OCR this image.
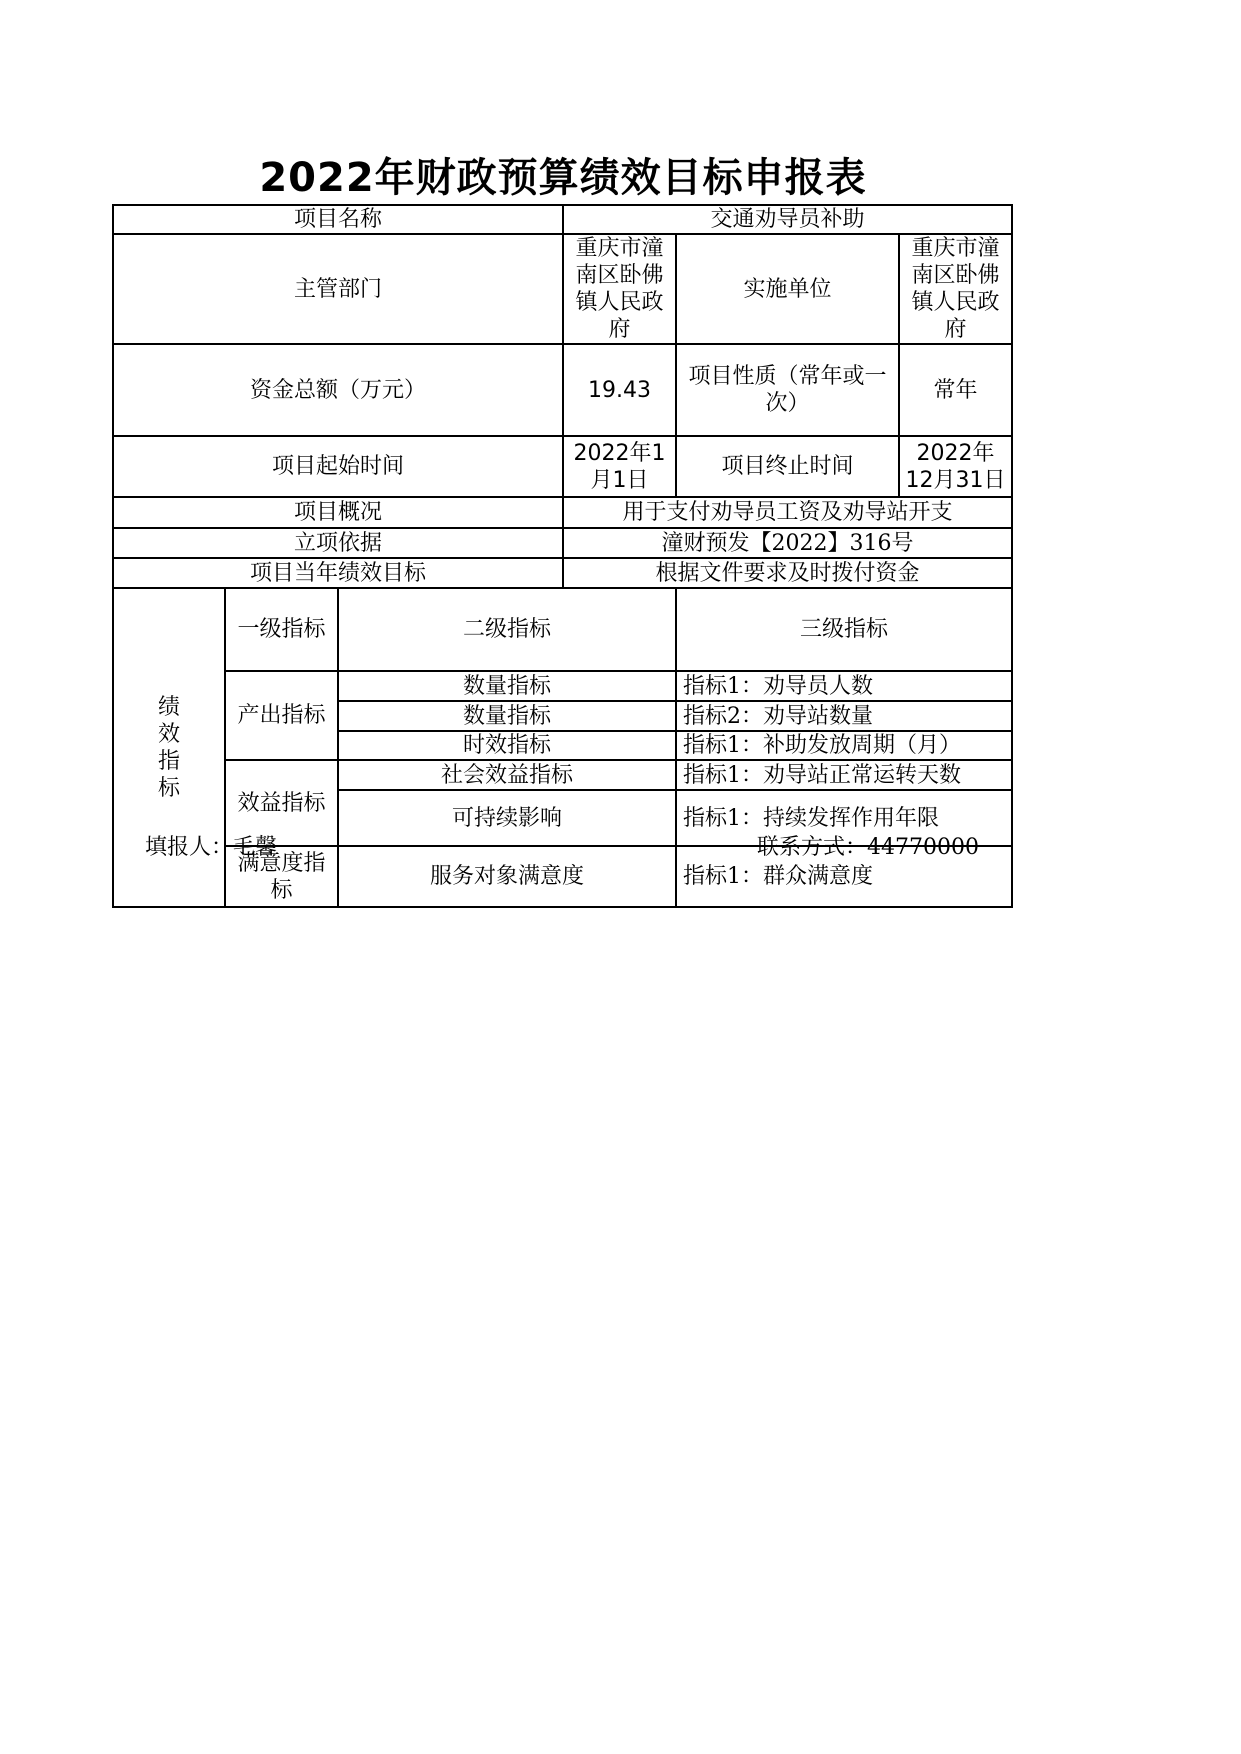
2022年财政预算绩效目标申报表
项目名称			交通劝导员补助			
主管部门			重庆市潼南区卧佛镇人民政府	实施单位	重庆市潼南区卧佛镇人民政府	
资金总额（万元）			19.43	项目性质（常年或一次）	常年	
项目起始时间			2022年1月1日	项目终止时间	2022年12月31日	
项目概况			用于支付劝导员工资及劝导站开支			
立项依据			潼财预发【2022】316号			
项目当年绩效目标			根据文件要求及时拨付资金			
绩
效
指
标	一级指标	二级指标		三级指标	
	产出指标	数量指标		指标1：劝导员人数	
		数量指标		指标2：劝导站数量	
		时效指标		指标1：补助发放周期（月）	
	效益指标	社会效益指标		指标1：劝导站正常运转天数	
		可持续影响		指标1：持续发挥作用年限	
	满意度指标	服务对象满意度		指标1：群众满意度	
填报人：毛馨	联系方式：44770000
